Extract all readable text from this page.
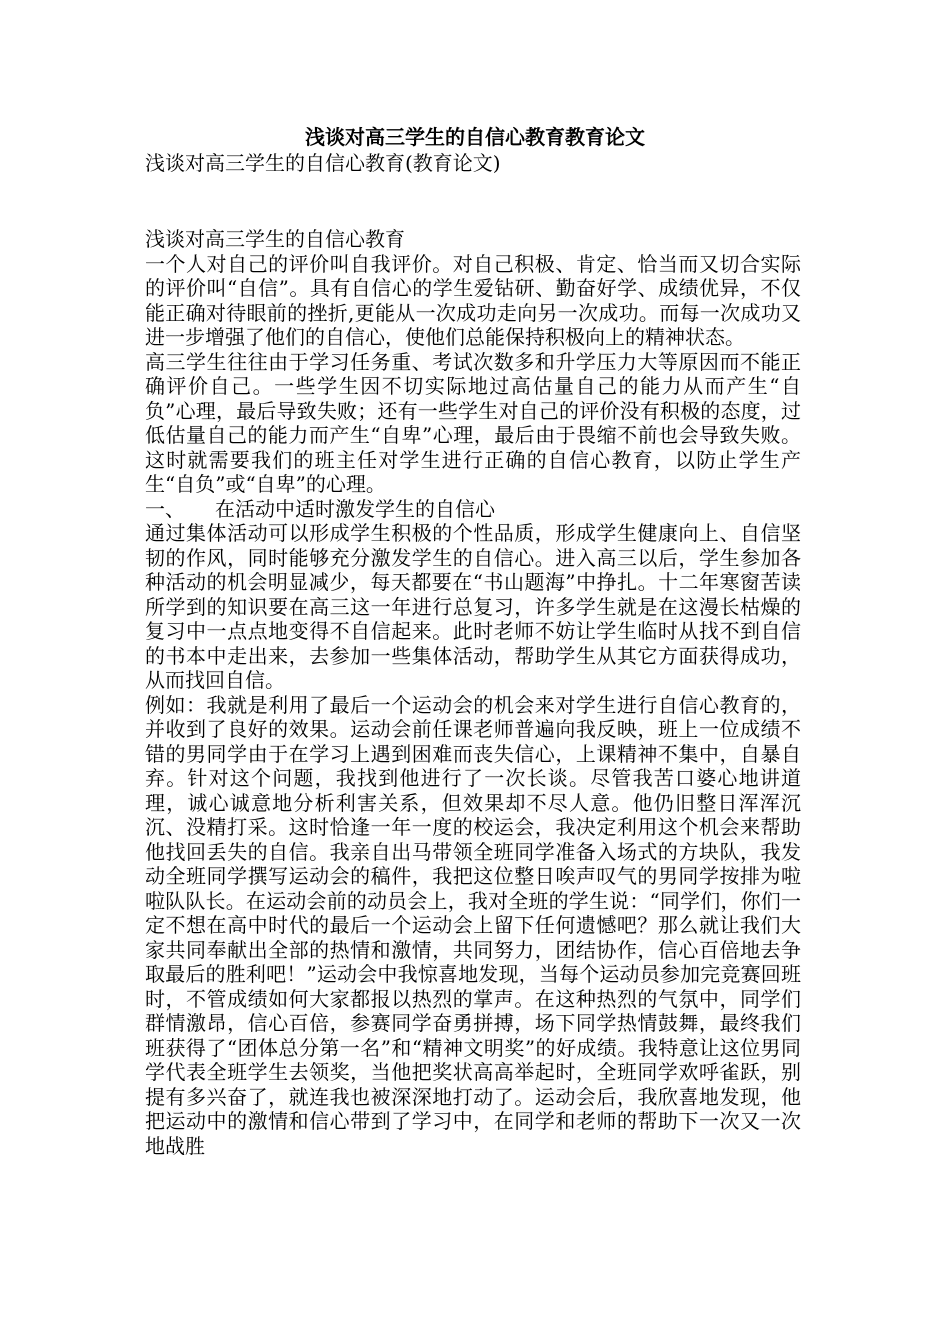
浅谈对高三学生的自信心教育教育论文
浅谈对高三学生的自信心教育(教育论文)

浅谈对高三学生的自信心教育

一个人对自己的评价叫自我评价。对自己积极、肯定、恰当而又切合实际的评价叫“自信”。具有自信心的学生爱钻研、勤奋好学、成绩优异，不仅能正确对待眼前的挫折,更能从一次成功走向另一次成功。而每一次成功又进一步增强了他们的自信心，使他们总能保持积极向上的精神状态。

高三学生往往由于学习任务重、考试次数多和升学压力大等原因而不能正确评价自己。一些学生因不切实际地过高估量自己的能力从而产生“自负”心理，最后导致失败；还有一些学生对自己的评价没有积极的态度，过低估量自己的能力而产生“自卑”心理，最后由于畏缩不前也会导致失败。这时就需要我们的班主任对学生进行正确的自信心教育，以防止学生产生“自负”或“自卑”的心理。

一、 在活动中适时激发学生的自信心

通过集体活动可以形成学生积极的个性品质，形成学生健康向上、自信坚韧的作风，同时能够充分激发学生的自信心。进入高三以后，学生参加各种活动的机会明显减少，每天都要在“书山题海”中挣扎。十二年寒窗苦读所学到的知识要在高三这一年进行总复习，许多学生就是在这漫长枯燥的复习中一点点地变得不自信起来。此时老师不妨让学生临时从找不到自信的书本中走出来，去参加一些集体活动，帮助学生从其它方面获得成功，从而找回自信。

例如：我就是利用了最后一个运动会的机会来对学生进行自信心教育的，并收到了良好的效果。运动会前任课老师普遍向我反映，班上一位成绩不错的男同学由于在学习上遇到困难而丧失信心，上课精神不集中，自暴自弃。针对这个问题，我找到他进行了一次长谈。尽管我苦口婆心地讲道理，诚心诚意地分析利害关系，但效果却不尽人意。他仍旧整日浑浑沉沉、没精打采。这时恰逢一年一度的校运会，我决定利用这个机会来帮助他找回丢失的自信。我亲自出马带领全班同学准备入场式的方块队，我发动全班同学撰写运动会的稿件，我把这位整日唉声叹气的男同学按排为啦啦队队长。在运动会前的动员会上，我对全班的学生说：“同学们，你们一定不想在高中时代的最后一个运动会上留下任何遗憾吧？那么就让我们大家共同奉献出全部的热情和激情，共同努力，团结协作，信心百倍地去争取最后的胜利吧！”运动会中我惊喜地发现，当每个运动员参加完竞赛回班时，不管成绩如何大家都报以热烈的掌声。在这种热烈的气氛中，同学们群情激昂，信心百倍，参赛同学奋勇拼搏，场下同学热情鼓舞，最终我们班获得了“团体总分第一名”和“精神文明奖”的好成绩。我特意让这位男同学代表全班学生去领奖，当他把奖状高高举起时，全班同学欢呼雀跃，别提有多兴奋了，就连我也被深深地打动了。运动会后，我欣喜地发现，他把运动中的激情和信心带到了学习中，在同学和老师的帮助下一次又一次地战胜
